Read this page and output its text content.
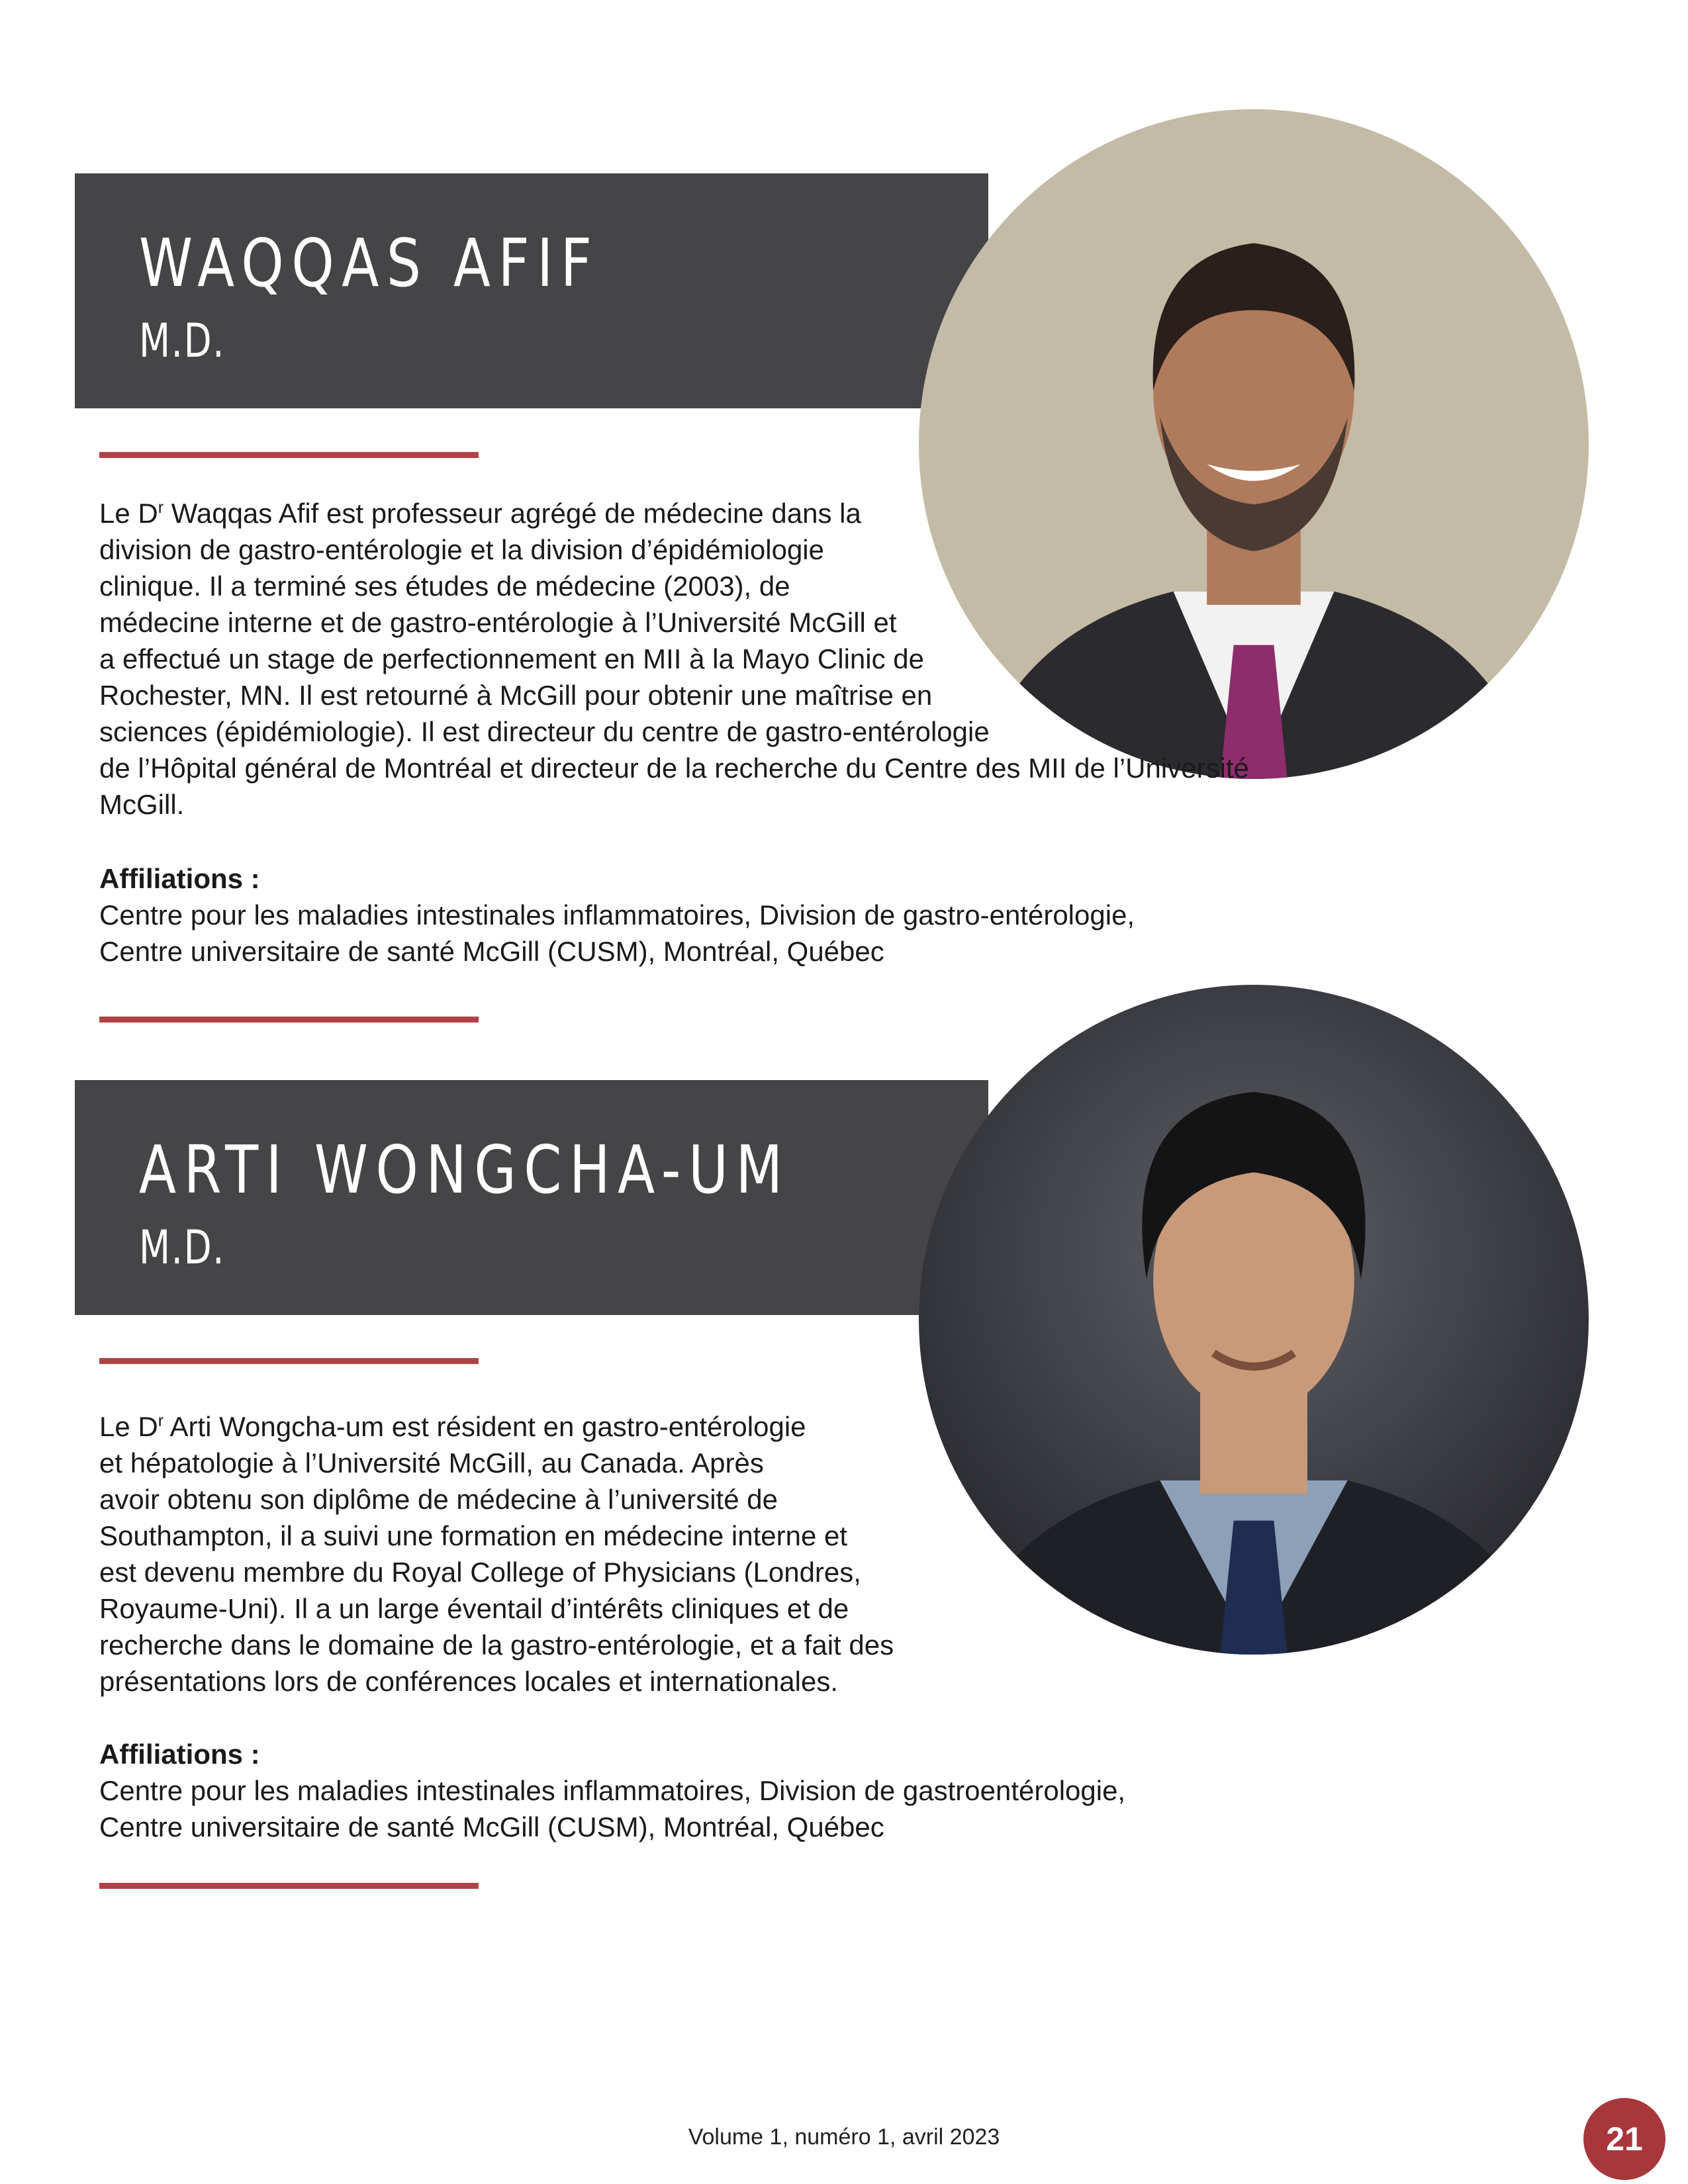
WAQQAS AFIF
M.D.

Le $D^r$ Waqqas Afif est professeur agrégé de médecine dans la
division de gastro-entérologie et la division d’épidémiologie
clinique. Il a terminé ses études de médecine (2003), de
médecine interne et de gastro-entérologie à l’Université McGill et
a effectué un stage de perfectionnement en MII à la Mayo Clinic de
Rochester, MN. Il est retourné à McGill pour obtenir une maîtrise en
sciences (épidémiologie). Il est directeur du centre de gastro-entérologie
de l’Hôpital général de Montréal et directeur de la recherche du Centre des MII de l’Université
McGill.

Affiliations :

Centre pour les maladies intestinales inflammatoires, Division de gastro-entérologie,
Centre universitaire de santé McGill (CUSM), Montréal, Québec

ARTI WONGCHA-UM
M.D.

Le $D^r$ Arti Wongcha-um est résident en gastro-entérologie
et hépatologie à l’Université McGill, au Canada. Après
avoir obtenu son diplôme de médecine à l’université de
Southampton, il a suivi une formation en médecine interne et
est devenu membre du Royal College of Physicians (Londres,
Royaume-Uni). Il a un large éventail d’intérêts cliniques et de
recherche dans le domaine de la gastro-entérologie, et a fait des
présentations lors de conférences locales et internationales.

Affiliations :

Centre pour les maladies intestinales inflammatoires, Division de gastroentérologie,
Centre universitaire de santé McGill (CUSM), Montréal, Québec

Volume 1, numéro 1, avril 2023	21
